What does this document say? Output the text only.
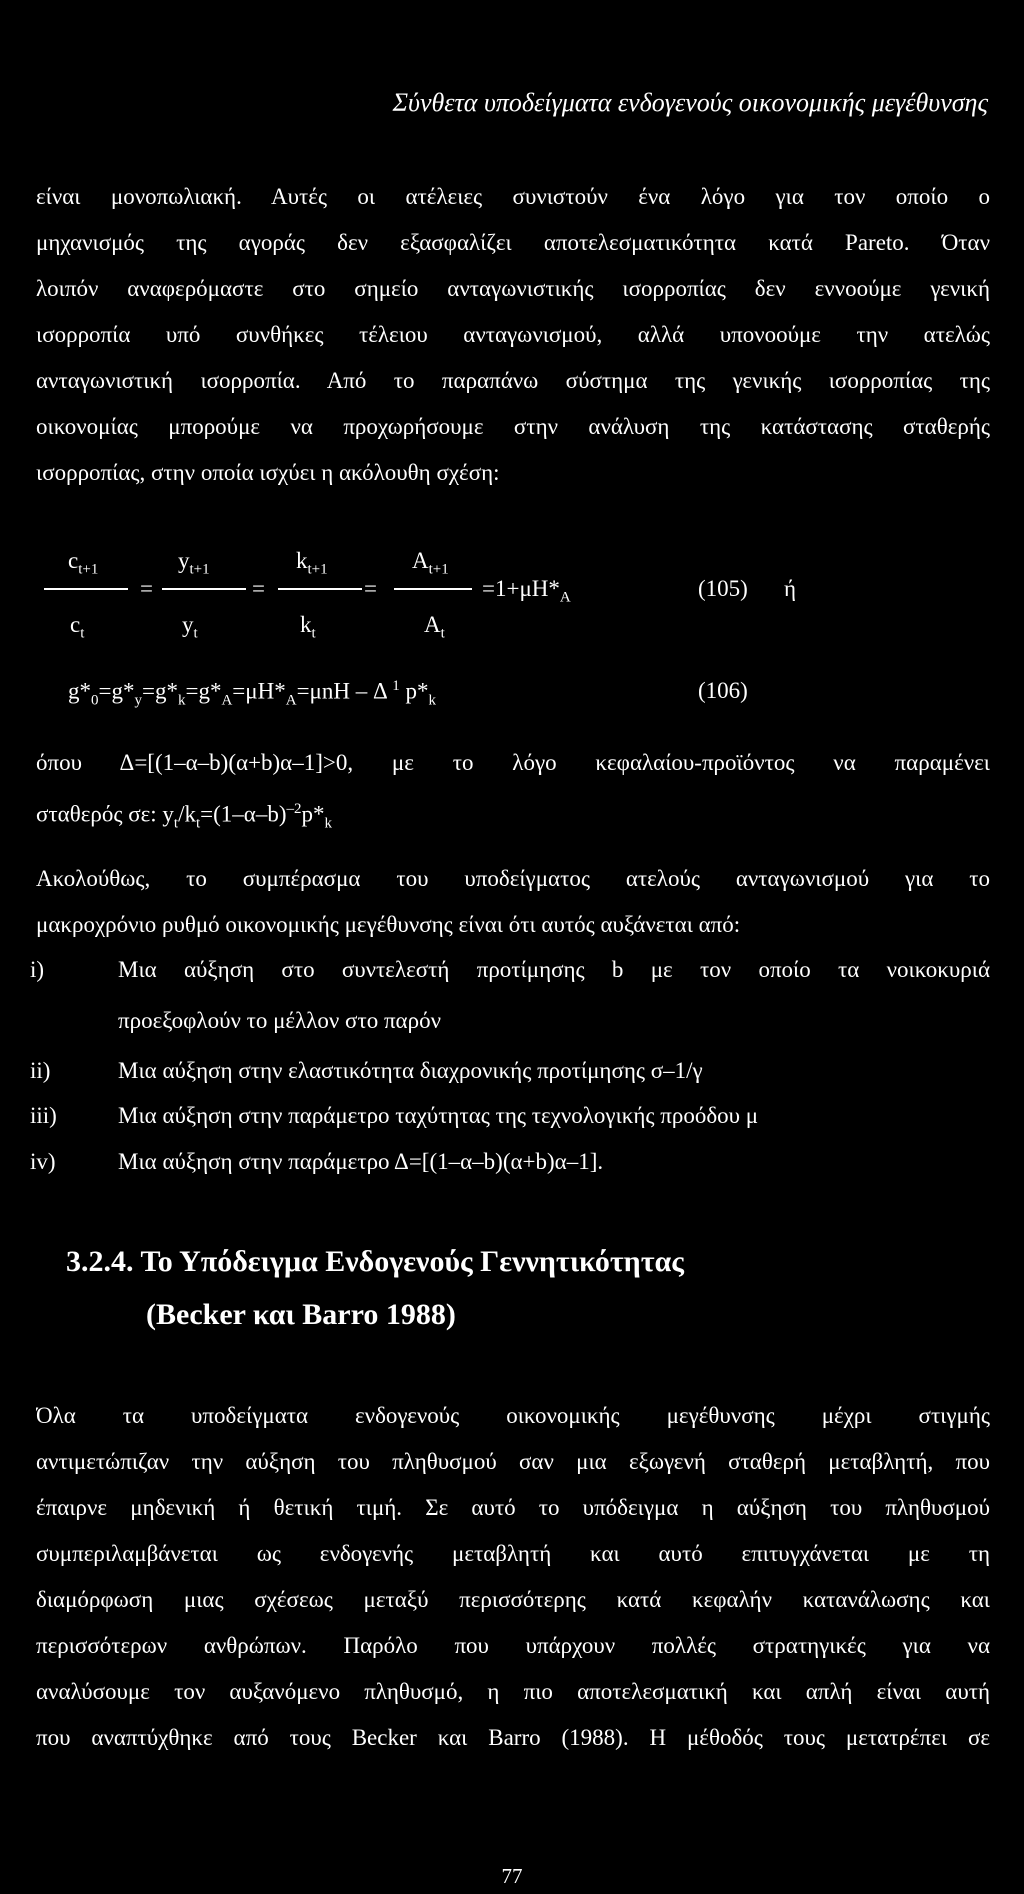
Σύνθετα υποδείγματα ενδογενούς οικονομικής μεγέθυνσης
είναι μονοπωλιακή. Αυτές οι ατέλειες συνιστούν ένα λόγο για τον οποίο ο
μηχανισμός της αγοράς δεν εξασφαλίζει αποτελεσματικότητα κατά Pareto. Όταν
λοιπόν αναφερόμαστε στο σημείο ανταγωνιστικής ισορροπίας δεν εννοούμε γενική
ισορροπία υπό συνθήκες τέλειου ανταγωνισμού, αλλά υπονοούμε την ατελώς
ανταγωνιστική ισορροπία. Από το παραπάνω σύστημα της γενικής ισορροπίας της
οικονομίας μπορούμε να προχωρήσουμε στην ανάλυση της κατάστασης σταθερής
ισορροπίας, στην οποία ισχύει η ακόλουθη σχέση:
$c_{t+1}$	$y_{t+1}$	$k_{t+1}$	$A_{t+1}$
=	=	=	$=1+\mu H*_A$	(105) ή
$c_t$	$y_t$	$k_t$	$A_t$
$g*_0=g*_y=g*_k=g*_A=\mu H*_A=\mu nH - \Delta$ $^1$ $p*_k$	(106)
όπου Δ=[(1–α–b)(α+b)α–1]>0, με το λόγο κεφαλαίου-προϊόντος να παραμένει
σταθερός σε: $y_t/k_t=(1-\alpha-b)^{-2}p*_k$
Ακολούθως, το συμπέρασμα του υποδείγματος ατελούς ανταγωνισμού για το
μακροχρόνιο ρυθμό οικονομικής μεγέθυνσης είναι ότι αυτός αυξάνεται από:
i)	Μια αύξηση στο συντελεστή προτίμησης b με τον οποίο τα νοικοκυριά
προεξοφλούν το μέλλον στο παρόν
ii)	Μια αύξηση στην ελαστικότητα διαχρονικής προτίμησης σ–1/γ
iii)	Μια αύξηση στην παράμετρο ταχύτητας της τεχνολογικής προόδου μ
iv)	Μια αύξηση στην παράμετρο Δ=[(1–α–b)(α+b)α–1].
3.2.4. Το Υπόδειγμα Ενδογενούς Γεννητικότητας
(Becker και Barro 1988)
Όλα τα υποδείγματα ενδογενούς οικονομικής μεγέθυνσης μέχρι στιγμής
αντιμετώπιζαν την αύξηση του πληθυσμού σαν μια εξωγενή σταθερή μεταβλητή, που
έπαιρνε μηδενική ή θετική τιμή. Σε αυτό το υπόδειγμα η αύξηση του πληθυσμού
συμπεριλαμβάνεται ως ενδογενής μεταβλητή και αυτό επιτυγχάνεται με τη
διαμόρφωση μιας σχέσεως μεταξύ περισσότερης κατά κεφαλήν κατανάλωσης και
περισσότερων ανθρώπων. Παρόλο που υπάρχουν πολλές στρατηγικές για να
αναλύσουμε τον αυξανόμενο πληθυσμό, η πιο αποτελεσματική και απλή είναι αυτή
που αναπτύχθηκε από τους Becker και Barro (1988). Η μέθοδός τους μετατρέπει σε
77
